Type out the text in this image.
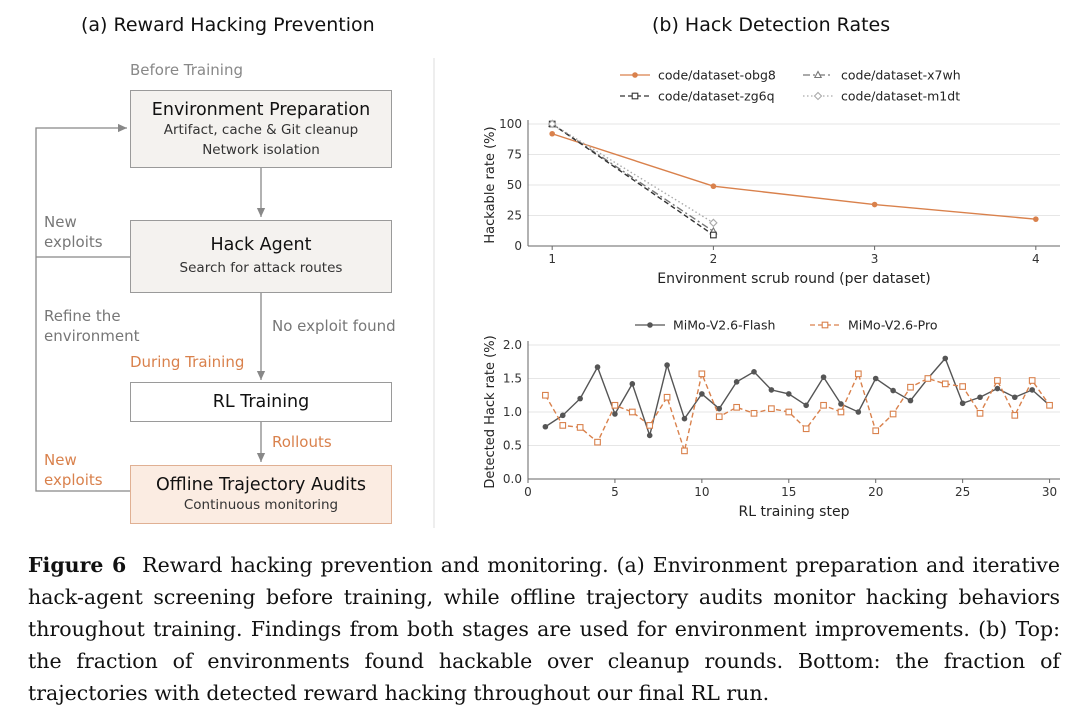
(a) Reward Hacking Prevention
Before Training
Environment Preparation
Artifact, cache & Git cleanup
Network isolation
New
exploits	Hack Agent
Search for attack routes
Refine the
environment
No exploit found
During Training
RL Training
Rollouts
New
exploits	Offline Trajectory Audits
Continuous monitoring
(b) Hack Detection Rates
0
25
50
75
100
1	2	3	4
Environment scrub round (per dataset)
Hackable rate (%)
code/dataset-obg8	code/dataset-x7wh
code/dataset-zg6q	code/dataset-m1dt
0.0
0.5
1.0
1.5
2.0
0	5	10	15	20	25	30
RL training step
Detected Hack rate (%)
MiMo-V2.6-Flash	MiMo-V2.6-Pro
Figure 6 Reward hacking prevention and monitoring. (a) Environment preparation and iterative hack-agent screening before training, while offline trajectory audits monitor hacking behaviors throughout training. Findings from both stages are used for environment improvements. (b) Top: the fraction of environments found hackable over cleanup rounds. Bottom: the fraction of trajectories with detected reward hacking throughout our final RL run.
